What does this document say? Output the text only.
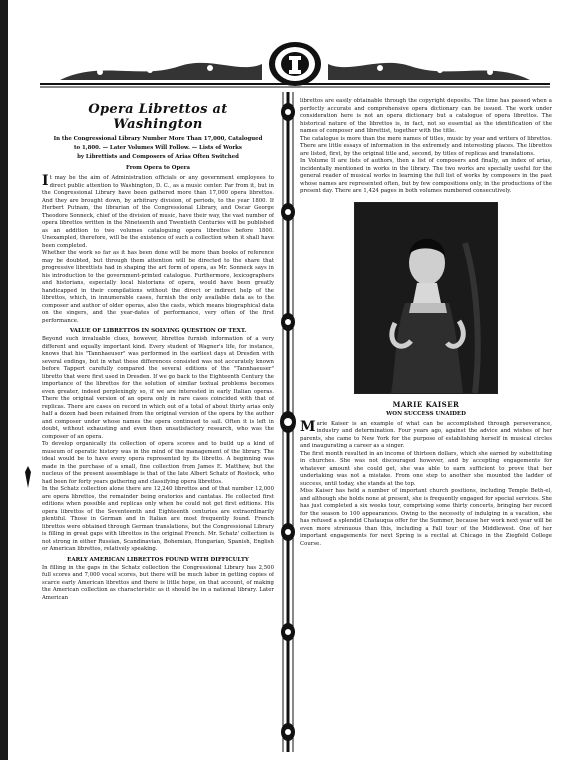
Opera Librettos at Washington
In the Congressional Library Number More Than 17,000, Catalogued
to 1,800. — Later Volumes Will Follow. — Lists of Works
by Librettists and Composers of Arias Often Switched
From Opera to Opera

It may be the aim of Administration officials or any government employees to direct public attention to Washington, D. C., as a music center. Far from it, but in the Congressional Library have been gathered more than 17,000 opera librettos. And they are brought down, by arbitrary division, of periods, to the year 1800. If Herbert Putnam, the librarian of the Congressional Library, and Oscar George Theodore Sonneck, chief of the division of music, have their way, the vast number of opera librettos written in the Nineteenth and Twentieth Centuries will be published as an addition to two volumes cataloguing opera librettos before 1800. Unexampled, therefore, will be the existence of such a collection when it shall have been completed.

Whether the work so far as it has been done will be more than books of reference may be doubted, but through them attention will be directed to the share that progressive librettists had in shaping the art form of opera, as Mr. Sonneck says in his introduction to the government-printed catalogue. Furthermore, lexicographers and historians, especially local historians of opera, would have been greatly handicapped in their compilations without the direct or indirect help of the librettos, which, in innumerable cases, furnish the only available data as to the composer and author of older operas, also the casts, which means biographical data on the singers, and the year-dates of performance, very often of the first performance.

VALUE OF LIBRETTOS IN SOLVING QUESTION OF TEXT.

Beyond such invaluable clues, however, librettos furnish information of a very different and equally important kind. Every student of Wagner's life, for instance, knows that his "Tannhaeuser" was performed in the earliest days at Dresden with several endings, but in what these differences consisted was not accurately known before Tappert carefully compared the several editions of the "Tannhaeuser" libretto that were first used in Dresden. If we go back to the Eighteenth Century the importance of the librettos for the solution of similar textual problems becomes even greater, indeed perplexingly so, if we are interested in early Italian operas. There the original version of an opera only in rare cases coincided with that of replicas. There are cases on record in which out of a total of about thirty arias only half a dozen had been retained from the original version of the opera by the author and composer under whose names the opera continued to sail. Often it is left in doubt, without exhausting and even then unsatisfactory research, who was the composer of an opera.

To develop organically its collection of opera scores and to build up a kind of museum of operatic history was in the mind of the management of the library. The ideal would be to have every opera represented by its libretto. A beginning was made in the purchase of a small, fine collection from James E. Matthew, but the nucleus of the present assemblage is that of the late Albert Schatz of Rostock, who had been for forty years gathering and classifying opera librettos.

In the Schatz collection alone there are 12,240 librettos and of that number 12,000 are opera librettos, the remainder being oratorios and cantatas. He collected first editions when possible and replicas only when he could not get first editions. His opera librettos of the Seventeenth and Eighteenth centuries are extraordinarily plentiful. Those in German and in Italian are most frequently found. French librettos were obtained through German translations, but the Congressional Library is filling in great gaps with librettos in the original French. Mr. Schatz' collection is not strong in either Russian, Scandinavian, Bohemian, Hungarian, Spanish, English or American librettos, relatively speaking.

EARLY AMERICAN LIBRETTOS FOUND WITH DIFFICULTY

In filling in the gaps in the Schatz collection the Congressional Library has 2,500 full scores and 7,000 vocal scores, but there will be much labor in getting copies of scarce early American librettos and there is little hope, on that account, of making the American collection as characteristic as it should be in a national library. Later American

librettos are easily obtainable through the copyright deposits. The time has passed when a perfectly accurate and comprehensive opera dictionary can be issued. The work under consideration here is not an opera dictionary but a catalogue of opera librettos. The historical nature of the librettos is, in fact, not so essential as the identification of the names of composer and librettist, together with the title.

The catalogue is more than the mere names of titles, music by year and writers of librettos. There are little essays of information in the extremely and interesting places. The librettos are listed, first, by the original title and, second, by titles of replicas and translations.

In Volume II are lists of authors, then a list of composers and finally, an index of arias, incidentally mentioned in works in the library. The two works are specially useful for the general reader of musical works in learning the full list of works by composers in the past whose names are represented often, but by few compositions only, in the productions of the present day. There are 1,424 pages in both volumes numbered consecutively.

MARIE KAISER
WON SUCCESS UNAIDED

Marie Kaiser is an example of what can be accomplished through perseverance, industry and determination. Four years ago, against the advice and wishes of her parents, she came to New York for the purpose of establishing herself in musical circles and inaugurating a career as a singer.

The first month resulted in an income of thirteen dollars, which she earned by substituting in churches. She was not discouraged however, and by accepting engagements for whatever amount she could get, she was able to earn sufficient to prove that her undertaking was not a mistake. From one step to another she mounted the ladder of success, until today, she stands at the top.

Miss Kaiser has held a number of important church positions, including Temple Beth-el, and although she holds none at present, she is frequently engaged for special services. She has just completed a six weeks tour, comprising some thirty concerts, bringing her record for the season to 100 appearances. Owing to the necessity of indulging in a vacation, she has refused a splendid Chatauqua offer for the Summer, because her work next year will be even more strenuous than this, including a Fall tour of the Middlewest. One of her important engagements for next Spring is a recital at Chicago in the Ziegfeld College Course.
